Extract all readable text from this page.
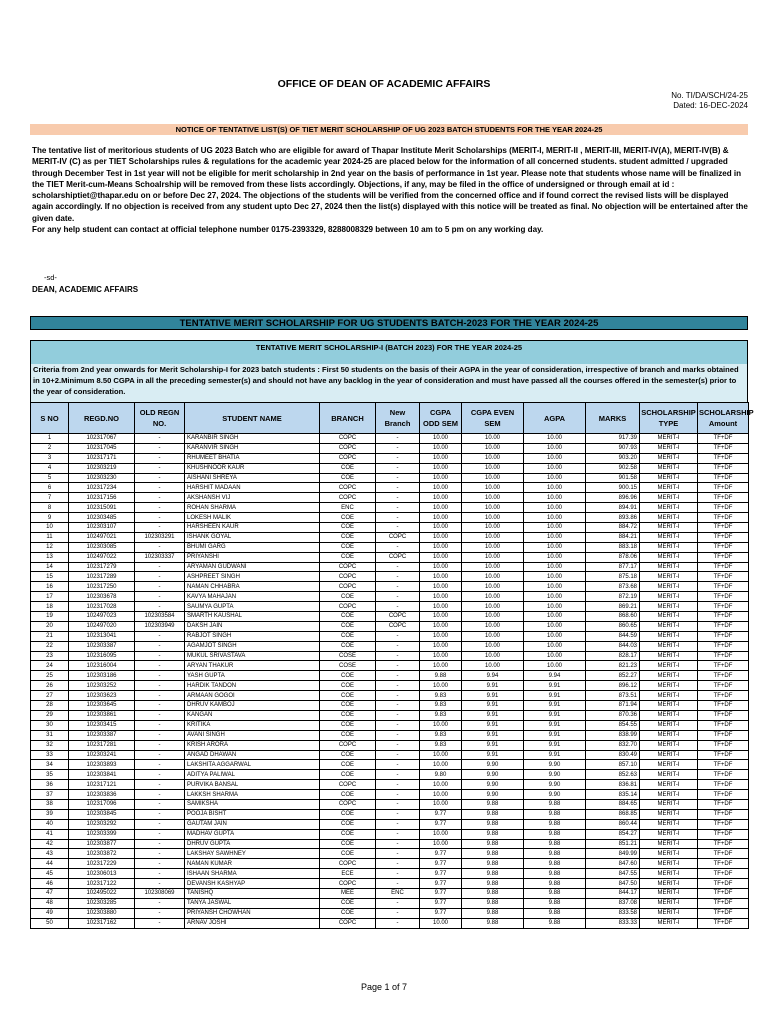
OFFICE OF DEAN OF ACADEMIC AFFAIRS
No. TI/DA/SCH/24-25
Dated: 16-DEC-2024
NOTICE OF TENTATIVE LIST(S) OF TIET MERIT SCHOLARSHIP OF UG 2023 BATCH STUDENTS FOR THE YEAR 2024-25
The tentative list of meritorious students of UG 2023 Batch who are eligible for award of Thapar Institute Merit Scholarships (MERIT-I, MERIT-II , MERIT-III, MERIT-IV(A), MERIT-IV(B) & MERIT-IV (C) as per TIET Scholarships rules & regulations for the academic year 2024-25 are placed below for the information of all concerned students. student admitted / upgraded through December Test in 1st year will not be eligible for merit scholarship in 2nd year on the basis of performance in 1st year. Please note that students whose name will be finalized in the TIET Merit-cum-Means Schoalrship will be removed from these lists accordingly. Objections, if any, may be filed in the office of undersigned or through email at id : scholarshiptiet@thapar.edu on or before Dec 27, 2024. The objections of the students will be verified from the concerned office and if found correct the revised lists will be displayed again accordingly. If no objection is received from any student upto Dec 27, 2024 then the list(s) displayed with this notice will be treated as final. No objection will be entertained after the given date.
For any help student can contact at official telephone number 0175-2393329, 8288008329 between 10 am to 5 pm on any working day.
-sd-
DEAN, ACADEMIC AFFAIRS
TENTATIVE MERIT SCHOLARSHIP FOR UG STUDENTS BATCH-2023 FOR THE YEAR 2024-25
TENTATIVE MERIT SCHOLARSHIP-I (BATCH 2023) FOR THE YEAR 2024-25
Criteria from 2nd year onwards for Merit Scholarship-I for 2023 batch students : First 50 students on the basis of their AGPA in the year of consideration, irrespective of branch and marks obtained in 10+2.Minimum 8.50 CGPA in all the preceding semester(s) and should not have any backlog in the year of consideration and must have passed all the courses offered in the semester(s) prior to the year of consideration.
S NO	REGD.NO	OLD REGN NO.	STUDENT NAME	BRANCH	New Branch	CGPA ODD SEM	CGPA EVEN SEM	AGPA	MARKS	SCHOLARSHIP TYPE	SCHOLARSHIP Amount
1	102317067	-	KARANBIR SINGH	COPC	-	10.00	10.00	10.00	917.39	MERIT-I	TF+DF
2	102317045	-	KARANVIR SINGH	COPC	-	10.00	10.00	10.00	907.93	MERIT-I	TF+DF
3	102317171	-	RHUMEET BHATIA	COPC	-	10.00	10.00	10.00	903.20	MERIT-I	TF+DF
4	102303219	-	KHUSHNOOR KAUR	COE	-	10.00	10.00	10.00	902.58	MERIT-I	TF+DF
5	102303230	-	AISHANI SHREYA	COE	-	10.00	10.00	10.00	901.58	MERIT-I	TF+DF
6	102317234	-	HARSHIT MADAAN	COPC	-	10.00	10.00	10.00	900.15	MERIT-I	TF+DF
7	102317156	-	AKSHANSH VIJ	COPC	-	10.00	10.00	10.00	896.96	MERIT-I	TF+DF
8	102315091	-	ROHAN SHARMA	ENC	-	10.00	10.00	10.00	894.91	MERIT-I	TF+DF
9	102303485	-	LOKESH MALIK	COE	-	10.00	10.00	10.00	893.86	MERIT-I	TF+DF
10	102303107	-	HARSHEEN KAUR	COE	-	10.00	10.00	10.00	884.72	MERIT-I	TF+DF
11	102497021	102303291	ISHANK GOYAL	COE	COPC	10.00	10.00	10.00	884.21	MERIT-I	TF+DF
12	102303085	-	BHUMI GARG	COE	-	10.00	10.00	10.00	883.18	MERIT-I	TF+DF
13	102497022	102303337	PRIYANSHI	COE	COPC	10.00	10.00	10.00	878.06	MERIT-I	TF+DF
14	102317279	-	ARYAMAN GUDWANI	COPC	-	10.00	10.00	10.00	877.17	MERIT-I	TF+DF
15	102317289	-	ASHPREET SINGH	COPC	-	10.00	10.00	10.00	875.18	MERIT-I	TF+DF
16	102317250	-	NAMAN CHHABRA	COPC	-	10.00	10.00	10.00	873.68	MERIT-I	TF+DF
17	102303678	-	KAVYA MAHAJAN	COE	-	10.00	10.00	10.00	872.19	MERIT-I	TF+DF
18	102317028	-	SAUMYA GUPTA	COPC	-	10.00	10.00	10.00	869.21	MERIT-I	TF+DF
19	102497023	102303584	SMARTH KAUSHAL	COE	COPC	10.00	10.00	10.00	868.60	MERIT-I	TF+DF
20	102497020	102303949	DAKSH JAIN	COE	COPC	10.00	10.00	10.00	860.65	MERIT-I	TF+DF
21	102313041	-	RABJOT SINGH	COE	-	10.00	10.00	10.00	844.59	MERIT-I	TF+DF
22	102303387	-	AGAMJOT SINGH	COE	-	10.00	10.00	10.00	844.03	MERIT-I	TF+DF
23	102316095	-	MUKUL SRIVASTAVA	COSE	-	10.00	10.00	10.00	828.17	MERIT-I	TF+DF
24	102316004	-	ARYAN THAKUR	COSE	-	10.00	10.00	10.00	821.23	MERIT-I	TF+DF
25	102303186	-	YASH GUPTA	COE	-	9.88	9.94	9.94	852.27	MERIT-I	TF+DF
26	102303252	-	HARDIK TANDON	COE	-	10.00	9.91	9.91	896.12	MERIT-I	TF+DF
27	102303623	-	ARMAAN GOGOI	COE	-	9.83	9.91	9.91	873.51	MERIT-I	TF+DF
28	102303645	-	DHRUV KAMBOJ	COE	-	9.83	9.91	9.91	871.94	MERIT-I	TF+DF
29	102303861	-	KANGAN	COE	-	9.83	9.91	9.91	870.36	MERIT-I	TF+DF
30	102303415	-	KRITIKA	COE	-	10.00	9.91	9.91	854.55	MERIT-I	TF+DF
31	102303387	-	AVANI SINGH	COE	-	9.83	9.91	9.91	838.99	MERIT-I	TF+DF
32	102317281	-	KRISH ARORA	COPC	-	9.83	9.91	9.91	832.70	MERIT-I	TF+DF
33	102303241	-	ANGAD DHAWAN	COE	-	10.00	9.91	9.91	830.49	MERIT-I	TF+DF
34	102303893	-	LAKSHITA AGGARWAL	COE	-	10.00	9.90	9.90	857.10	MERIT-I	TF+DF
35	102303841	-	ADITYA PALIWAL	COE	-	9.80	9.90	9.90	852.63	MERIT-I	TF+DF
36	102317121	-	PURVIKA BANSAL	COPC	-	10.00	9.90	9.90	836.81	MERIT-I	TF+DF
37	102303836	-	LAKKSH SHARMA	COE	-	10.00	9.90	9.90	835.14	MERIT-I	TF+DF
38	102317096	-	SAMIKSHA	COPC	-	10.00	9.88	9.88	884.65	MERIT-I	TF+DF
39	102303845	-	POOJA BISHT	COE	-	9.77	9.88	9.88	868.85	MERIT-I	TF+DF
40	102303292	-	GAUTAM JAIN	COE	-	9.77	9.88	9.88	860.44	MERIT-I	TF+DF
41	102303399	-	MADHAV GUPTA	COE	-	10.00	9.88	9.88	854.27	MERIT-I	TF+DF
42	102303877	-	DHRUV GUPTA	COE	-	10.00	9.88	9.88	851.21	MERIT-I	TF+DF
43	102303872	-	LAKSHAY SAWHNEY	COE	-	9.77	9.88	9.88	849.99	MERIT-I	TF+DF
44	102317229	-	NAMAN KUMAR	COPC	-	9.77	9.88	9.88	847.60	MERIT-I	TF+DF
45	102306013	-	ISHAAN SHARMA	ECE	-	9.77	9.88	9.88	847.55	MERIT-I	TF+DF
46	102317122	-	DEVANSH KASHYAP	COPC	-	9.77	9.88	9.88	847.50	MERIT-I	TF+DF
47	102495022	102308069	TANISHQ	MEE	ENC	9.77	9.88	9.88	844.17	MERIT-I	TF+DF
48	102303285	-	TANYA JASWAL	COE	-	9.77	9.88	9.88	837.08	MERIT-I	TF+DF
49	102303880	-	PRIYANSH CHOWHAN	COE	-	9.77	9.88	9.88	833.58	MERIT-I	TF+DF
50	102317162	-	ARNAV JOSHI	COPC	-	10.00	9.88	9.88	833.33	MERIT-I	TF+DF
Page 1 of 7
